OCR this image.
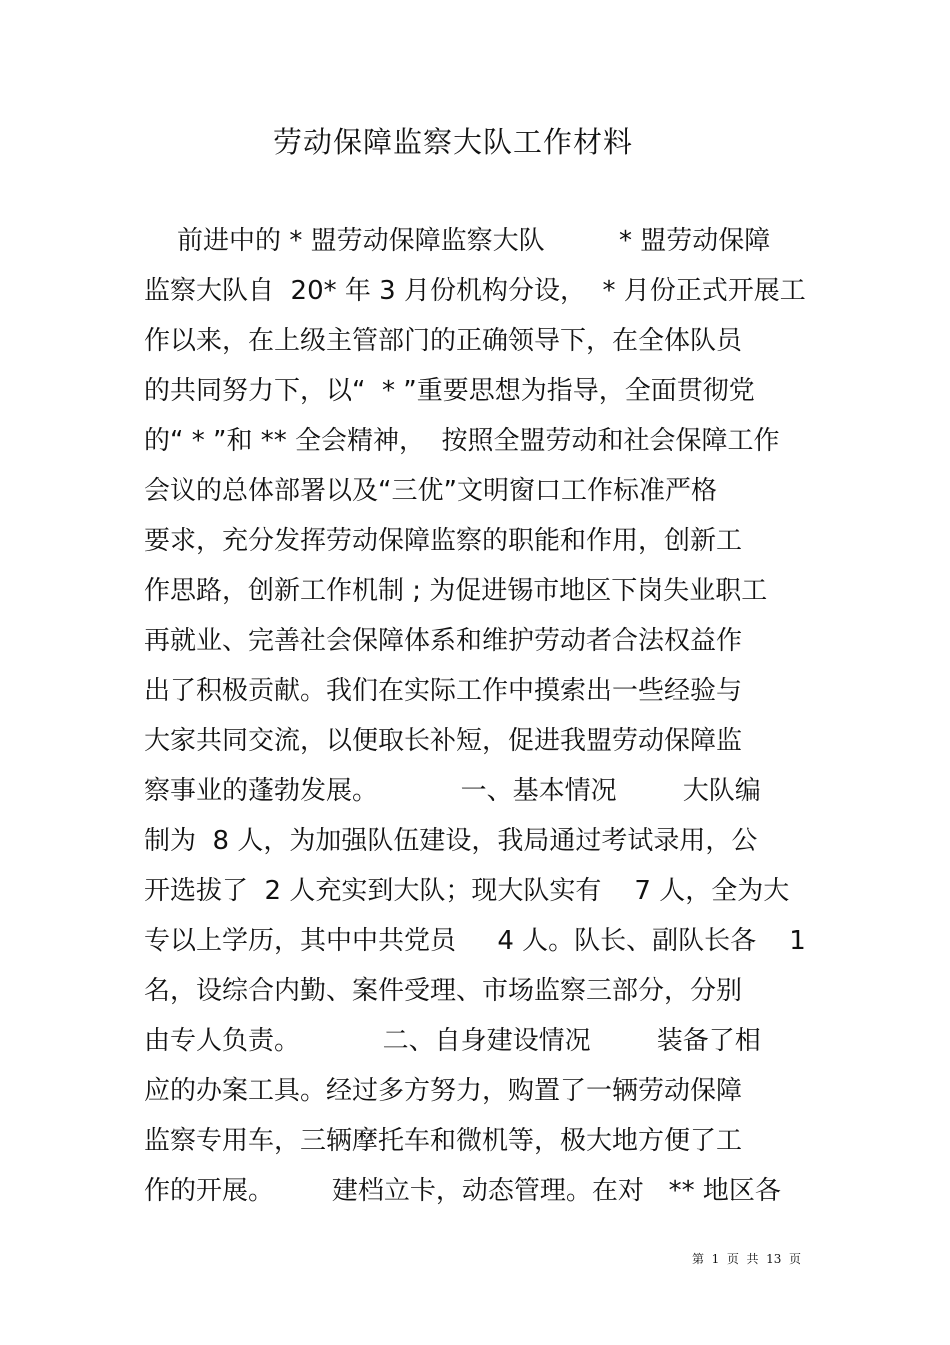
劳动保障监察大队工作材料
前进中的 * 盟劳动保障监察大队         * 盟劳动保障
监察大队自  20* 年 3 月份机构分设，  * 月份正式开展工
作以来，在上级主管部门的正确领导下，在全体队员
的共同努力下，以“  * ”重要思想为指导，全面贯彻党
的“ * ”和 ** 全会精神，  按照全盟劳动和社会保障工作
会议的总体部署以及“三优”文明窗口工作标准严格
要求，充分发挥劳动保障监察的职能和作用，创新工
作思路，创新工作机制 ; 为促进锡市地区下岗失业职工
再就业、完善社会保障体系和维护劳动者合法权益作
出了积极贡献。我们在实际工作中摸索出一些经验与
大家共同交流，以便取长补短，促进我盟劳动保障监
察事业的蓬勃发展。          一、基本情况        大队编
制为  8 人，为加强队伍建设，我局通过考试录用，公
开选拔了  2 人充实到大队；现大队实有    7 人，全为大
专以上学历，其中中共党员     4 人。队长、副队长各    1
名，设综合内勤、案件受理、市场监察三部分，分别
由专人负责。          二、自身建设情况        装备了相
应的办案工具。经过多方努力，购置了一辆劳动保障
监察专用车，三辆摩托车和微机等，极大地方便了工
作的开展。       建档立卡，动态管理。在对   ** 地区各
第  1  页  共  13  页
